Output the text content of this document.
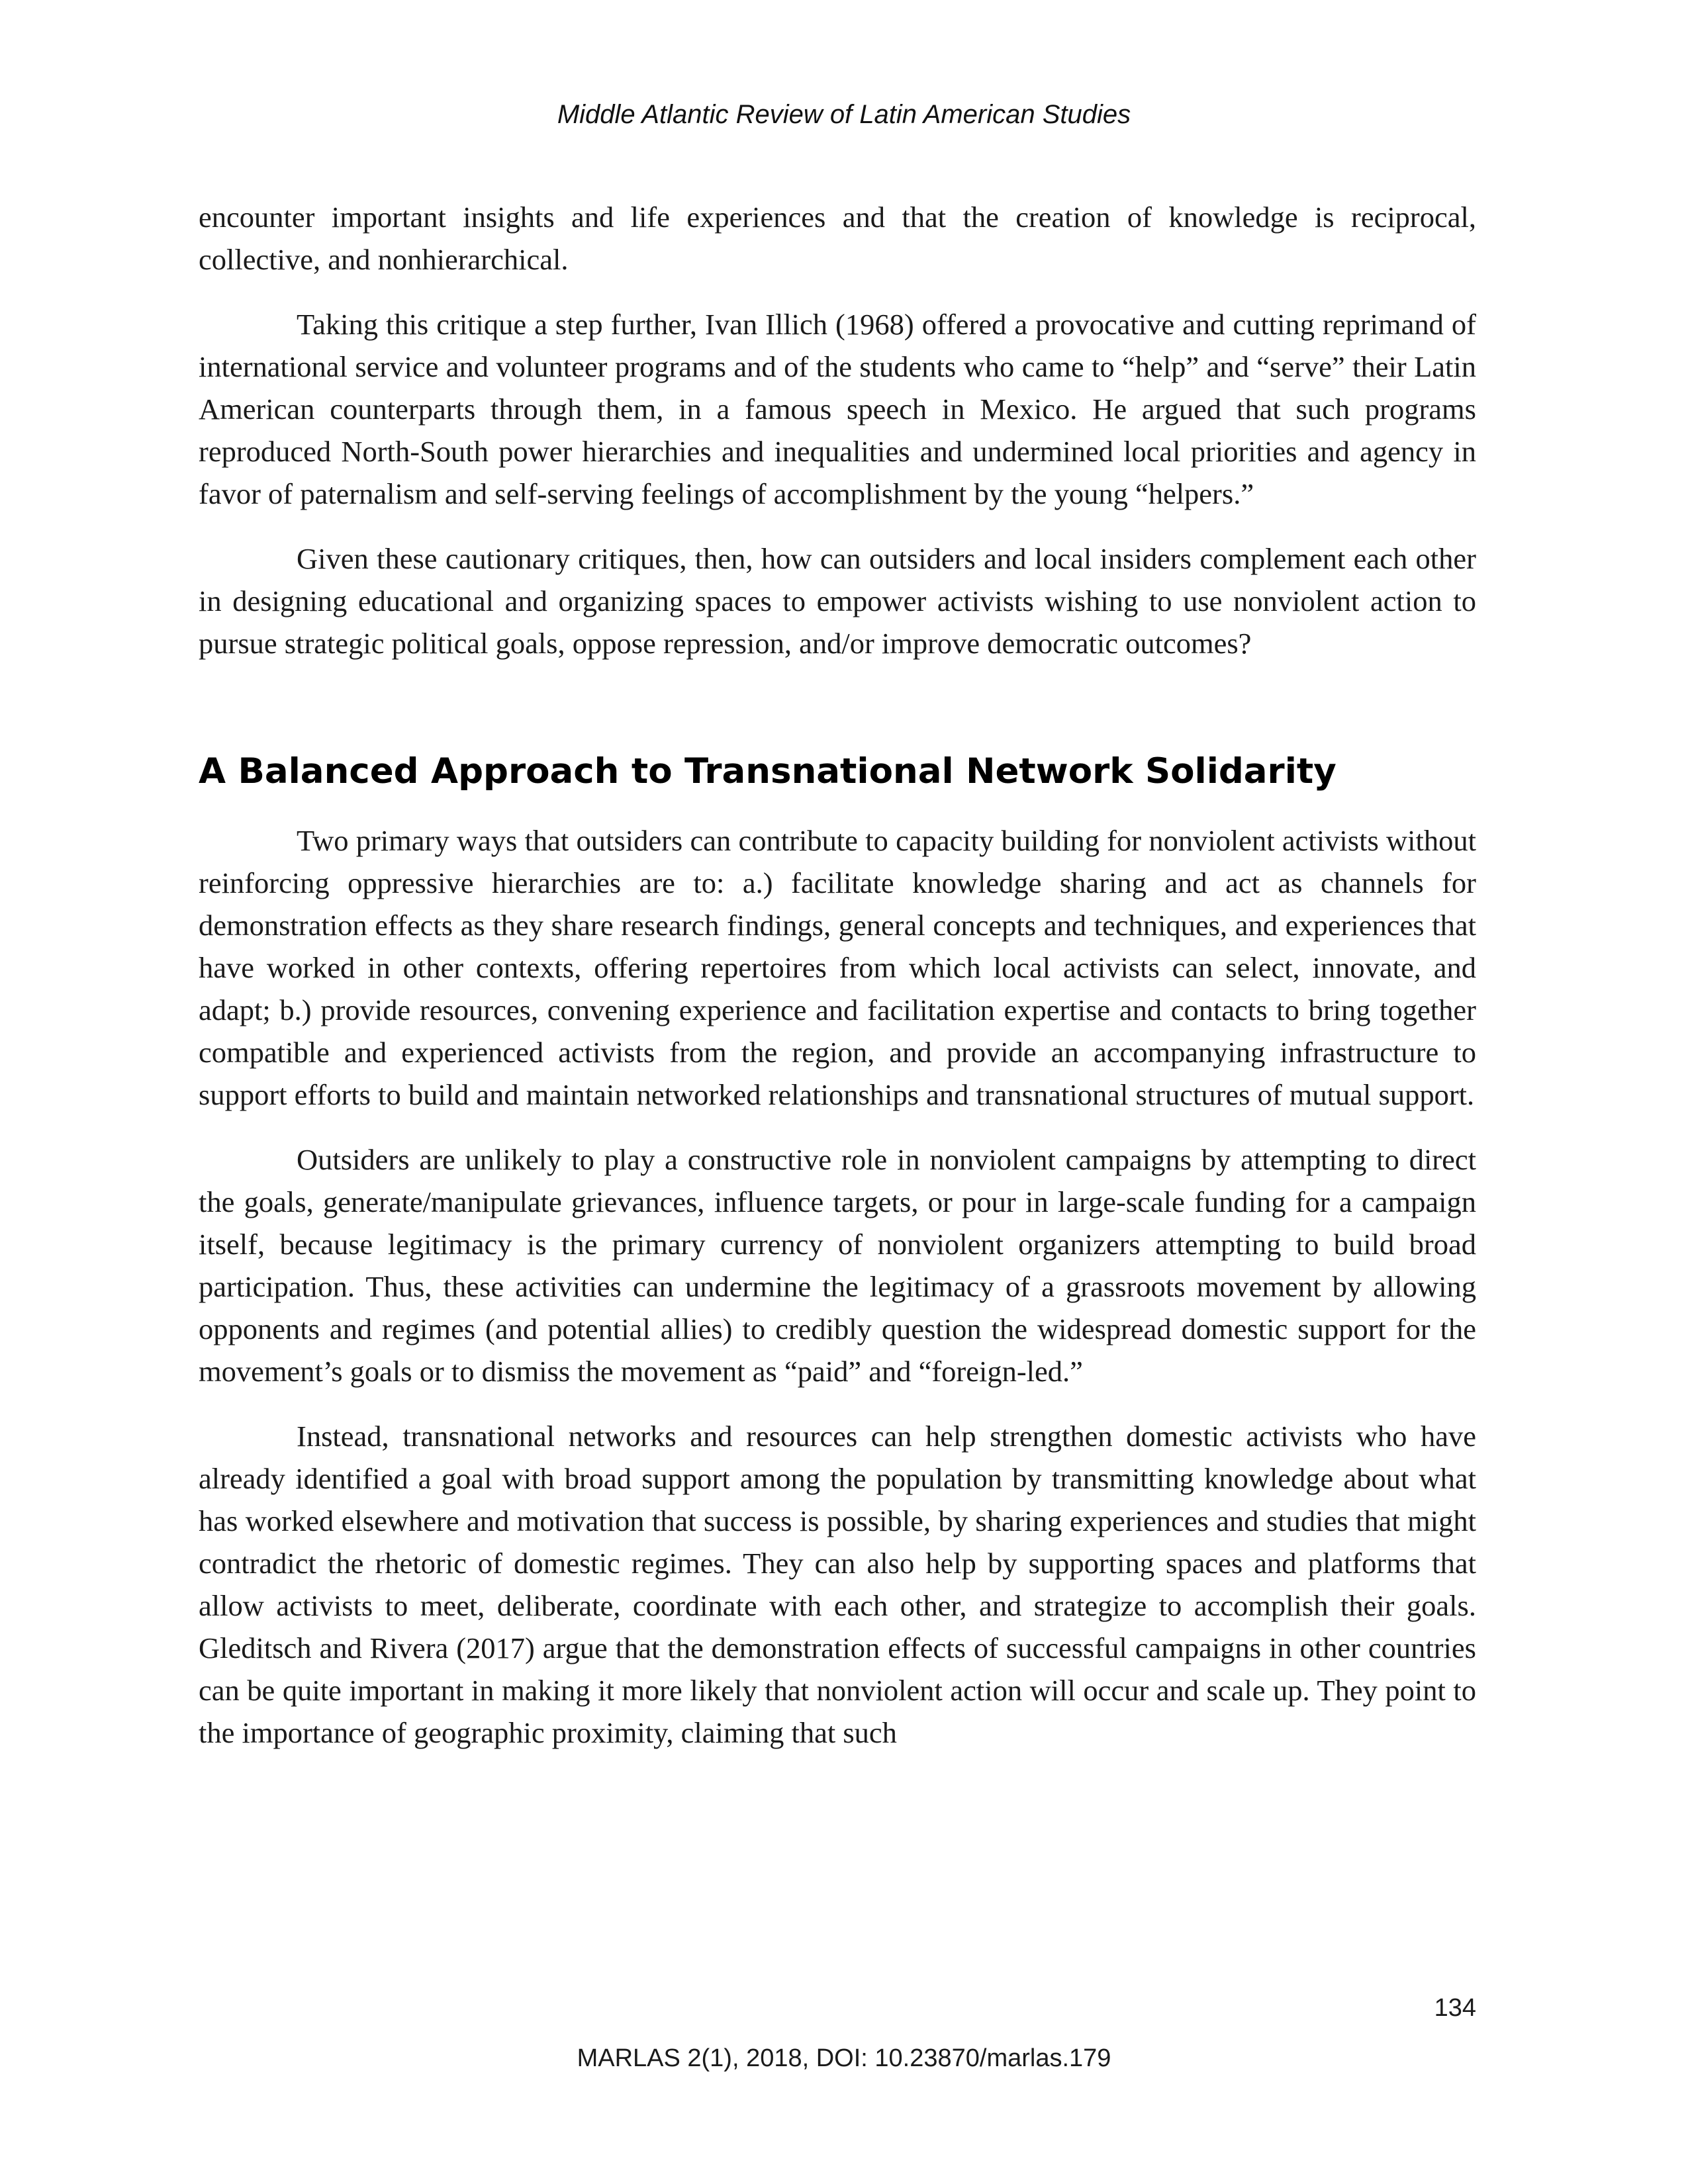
Middle Atlantic Review of Latin American Studies

encounter important insights and life experiences and that the creation of knowledge is reciprocal, collective, and nonhierarchical.

Taking this critique a step further, Ivan Illich (1968) offered a provocative and cutting reprimand of international service and volunteer programs and of the students who came to “help” and “serve” their Latin American counterparts through them, in a famous speech in Mexico. He argued that such programs reproduced North-South power hierarchies and inequalities and undermined local priorities and agency in favor of paternalism and self-serving feelings of accomplishment by the young “helpers.”

Given these cautionary critiques, then, how can outsiders and local insiders complement each other in designing educational and organizing spaces to empower activists wishing to use nonviolent action to pursue strategic political goals, oppose repression, and/or improve democratic outcomes?

A Balanced Approach to Transnational Network Solidarity

Two primary ways that outsiders can contribute to capacity building for nonviolent activists without reinforcing oppressive hierarchies are to: a.) facilitate knowledge sharing and act as channels for demonstration effects as they share research findings, general concepts and techniques, and experiences that have worked in other contexts, offering repertoires from which local activists can select, innovate, and adapt; b.) provide resources, convening experience and facilitation expertise and contacts to bring together compatible and experienced activists from the region, and provide an accompanying infrastructure to support efforts to build and maintain networked relationships and transnational structures of mutual support.

Outsiders are unlikely to play a constructive role in nonviolent campaigns by attempting to direct the goals, generate/manipulate grievances, influence targets, or pour in large-scale funding for a campaign itself, because legitimacy is the primary currency of nonviolent organizers attempting to build broad participation. Thus, these activities can undermine the legitimacy of a grassroots movement by allowing opponents and regimes (and potential allies) to credibly question the widespread domestic support for the movement’s goals or to dismiss the movement as “paid” and “foreign-led.”

Instead, transnational networks and resources can help strengthen domestic activists who have already identified a goal with broad support among the population by transmitting knowledge about what has worked elsewhere and motivation that success is possible, by sharing experiences and studies that might contradict the rhetoric of domestic regimes. They can also help by supporting spaces and platforms that allow activists to meet, deliberate, coordinate with each other, and strategize to accomplish their goals. Gleditsch and Rivera (2017) argue that the demonstration effects of successful campaigns in other countries can be quite important in making it more likely that nonviolent action will occur and scale up. They point to the importance of geographic proximity, claiming that such

134
MARLAS 2(1), 2018, DOI: 10.23870/marlas.179
